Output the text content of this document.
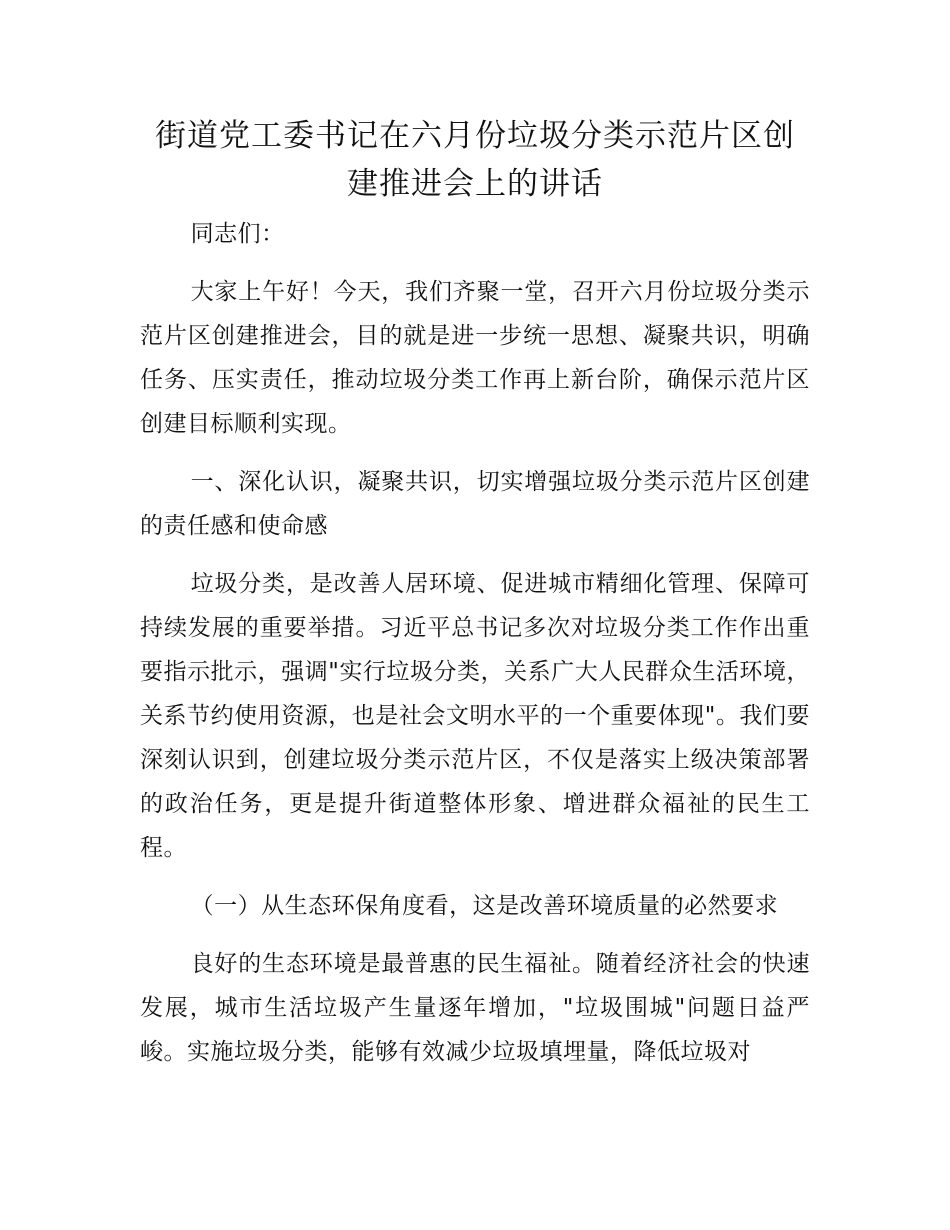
街道党工委书记在六月份垃圾分类示范片区创建推进会上的讲话

同志们：

大家上午好！今天，我们齐聚一堂，召开六月份垃圾分类示范片区创建推进会，目的就是进一步统一思想、凝聚共识，明确任务、压实责任，推动垃圾分类工作再上新台阶，确保示范片区创建目标顺利实现。

一、深化认识，凝聚共识，切实增强垃圾分类示范片区创建的责任感和使命感

垃圾分类，是改善人居环境、促进城市精细化管理、保障可持续发展的重要举措。习近平总书记多次对垃圾分类工作作出重要指示批示，强调"实行垃圾分类，关系广大人民群众生活环境，关系节约使用资源，也是社会文明水平的一个重要体现"。我们要深刻认识到，创建垃圾分类示范片区，不仅是落实上级决策部署的政治任务，更是提升街道整体形象、增进群众福祉的民生工程。

（一）从生态环保角度看，这是改善环境质量的必然要求

良好的生态环境是最普惠的民生福祉。随着经济社会的快速发展，城市生活垃圾产生量逐年增加，"垃圾围城"问题日益严峻。实施垃圾分类，能够有效减少垃圾填埋量，降低垃圾对
